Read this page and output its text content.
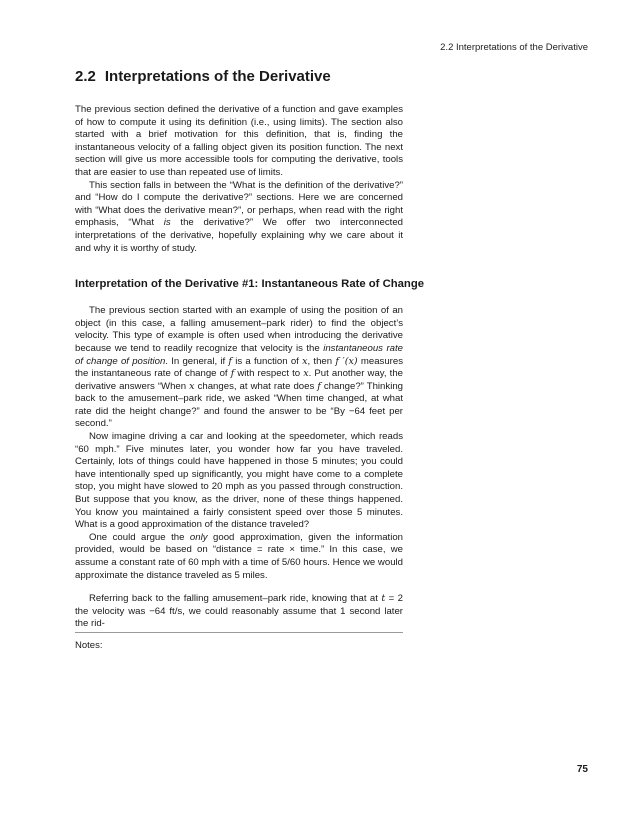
2.2 Interpretations of the Derivative
2.2 Interpretations of the Derivative

The previous section defined the derivative of a function and gave examples of how to compute it using its definition (i.e., using limits). The section also started with a brief motivation for this definition, that is, finding the instantaneous velocity of a falling object given its position function. The next section will give us more accessible tools for computing the derivative, tools that are easier to use than repeated use of limits.

This section falls in between the “What is the definition of the derivative?” and “How do I compute the derivative?” sections. Here we are concerned with “What does the derivative mean?”, or perhaps, when read with the right emphasis, “What is the derivative?” We offer two interconnected interpretations of the derivative, hopefully explaining why we care about it and why it is worthy of study.

Interpretation of the Derivative #1: Instantaneous Rate of Change

The previous section started with an example of using the position of an object (in this case, a falling amusement–park rider) to find the object’s velocity. This type of example is often used when introducing the derivative because we tend to readily recognize that velocity is the instantaneous rate of change of position. In general, if f is a function of x, then f ′(x) measures the instantaneous rate of change of f with respect to x. Put another way, the derivative answers “When x changes, at what rate does f change?” Thinking back to the amusement–park ride, we asked “When time changed, at what rate did the height change?” and found the answer to be “By −64 feet per second.”

Now imagine driving a car and looking at the speedometer, which reads “60 mph.” Five minutes later, you wonder how far you have traveled. Certainly, lots of things could have happened in those 5 minutes; you could have intentionally sped up significantly, you might have come to a complete stop, you might have slowed to 20 mph as you passed through construction. But suppose that you know, as the driver, none of these things happened. You know you maintained a fairly consistent speed over those 5 minutes. What is a good approximation of the distance traveled?

One could argue the only good approximation, given the information provided, would be based on “distance = rate × time.” In this case, we assume a constant rate of 60 mph with a time of 5/60 hours. Hence we would approximate the distance traveled as 5 miles.

Referring back to the falling amusement–park ride, knowing that at t = 2 the velocity was −64 ft/s, we could reasonably assume that 1 second later the rid-

Notes:
75
